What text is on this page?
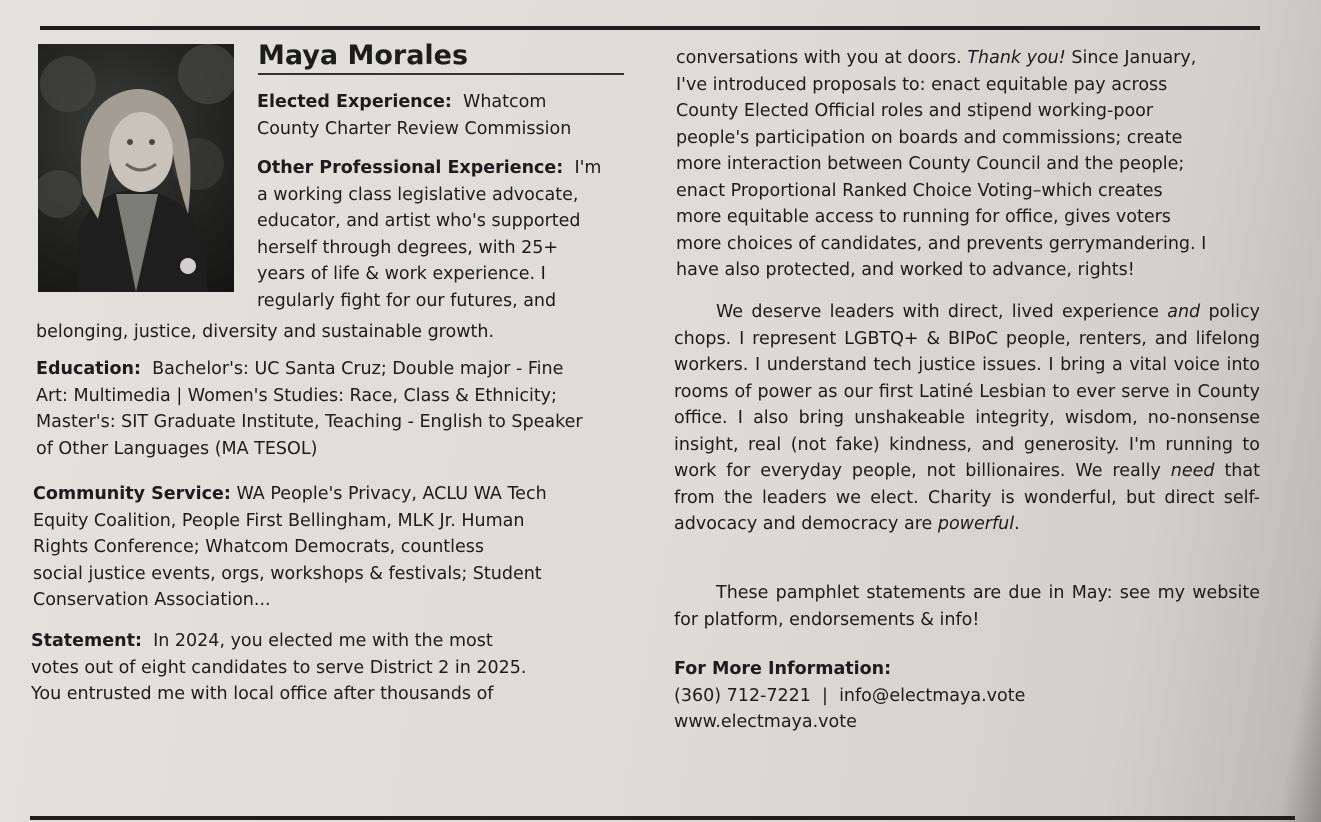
Maya Morales
Elected Experience: Whatcom
County Charter Review Commission
Other Professional Experience: I'm
a working class legislative advocate,
educator, and artist who's supported
herself through degrees, with 25+
years of life & work experience. I
regularly fight for our futures, and
belonging, justice, diversity and sustainable growth.
Education: Bachelor's: UC Santa Cruz; Double major - Fine
Art: Multimedia | Women's Studies: Race, Class & Ethnicity;
Master's: SIT Graduate Institute, Teaching - English to Speaker
of Other Languages (MA TESOL)
Community Service: WA People's Privacy, ACLU WA Tech
Equity Coalition, People First Bellingham, MLK Jr. Human
Rights Conference; Whatcom Democrats, countless
social justice events, orgs, workshops & festivals; Student
Conservation Association...
Statement: In 2024, you elected me with the most
votes out of eight candidates to serve District 2 in 2025.
You entrusted me with local office after thousands of
conversations with you at doors. Thank you! Since January,
I've introduced proposals to: enact equitable pay across
County Elected Official roles and stipend working-poor
people's participation on boards and commissions; create
more interaction between County Council and the people;
enact Proportional Ranked Choice Voting–which creates
more equitable access to running for office, gives voters
more choices of candidates, and prevents gerrymandering. I
have also protected, and worked to advance, rights!

We deserve leaders with direct, lived experience and policy chops. I represent LGBTQ+ & BIPoC people, renters, and lifelong workers. I understand tech justice issues. I bring a vital voice into rooms of power as our first Latiné Lesbian to ever serve in County office. I also bring unshakeable integrity, wisdom, no-nonsense insight, real (not fake) kindness, and generosity. I'm running to work for everyday people, not billionaires. We really need that from the leaders we elect. Charity is wonderful, but direct self-advocacy and democracy are powerful.

These pamphlet statements are due in May: see my website for platform, endorsements & info!

For More Information:
(360) 712-7221 | info@electmaya.vote
www.electmaya.vote
